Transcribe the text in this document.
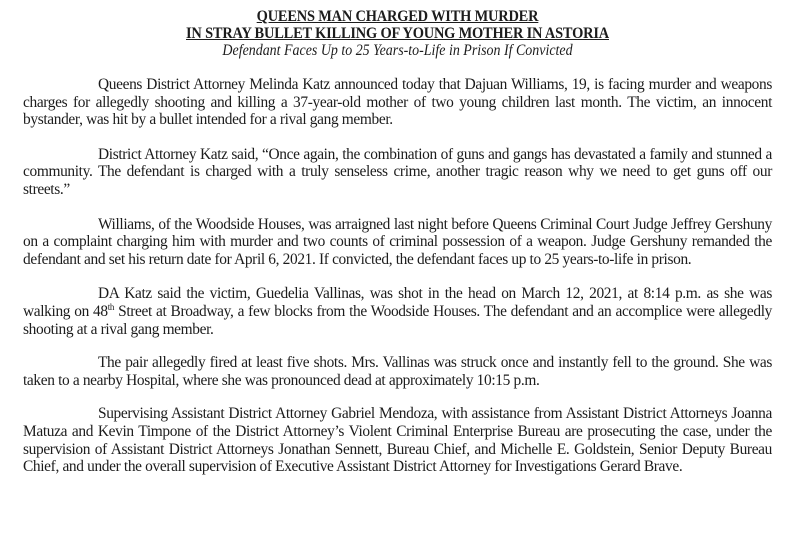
QUEENS MAN CHARGED WITH MURDER
IN STRAY BULLET KILLING OF YOUNG MOTHER IN ASTORIA
Defendant Faces Up to 25 Years-to-Life in Prison If Convicted

Queens District Attorney Melinda Katz announced today that Dajuan Williams, 19, is facing murder and weapons charges for allegedly shooting and killing a 37-year-old mother of two young children last month. The victim, an innocent bystander, was hit by a bullet intended for a rival gang member.

District Attorney Katz said, “Once again, the combination of guns and gangs has devastated a family and stunned a community. The defendant is charged with a truly senseless crime, another tragic reason why we need to get guns off our streets.”

Williams, of the Woodside Houses, was arraigned last night before Queens Criminal Court Judge Jeffrey Gershuny on a complaint charging him with murder and two counts of criminal possession of a weapon. Judge Gershuny remanded the defendant and set his return date for April 6, 2021. If convicted, the defendant faces up to 25 years-to-life in prison.

DA Katz said the victim, Guedelia Vallinas, was shot in the head on March 12, 2021, at 8:14 p.m. as she was walking on 48th Street at Broadway, a few blocks from the Woodside Houses. The defendant and an accomplice were allegedly shooting at a rival gang member.

The pair allegedly fired at least five shots. Mrs. Vallinas was struck once and instantly fell to the ground. She was taken to a nearby Hospital, where she was pronounced dead at approximately 10:15 p.m.

Supervising Assistant District Attorney Gabriel Mendoza, with assistance from Assistant District Attorneys Joanna Matuza and Kevin Timpone of the District Attorney’s Violent Criminal Enterprise Bureau are prosecuting the case, under the supervision of Assistant District Attorneys Jonathan Sennett, Bureau Chief, and Michelle E. Goldstein, Senior Deputy Bureau Chief, and under the overall supervision of Executive Assistant District Attorney for Investigations Gerard Brave.
